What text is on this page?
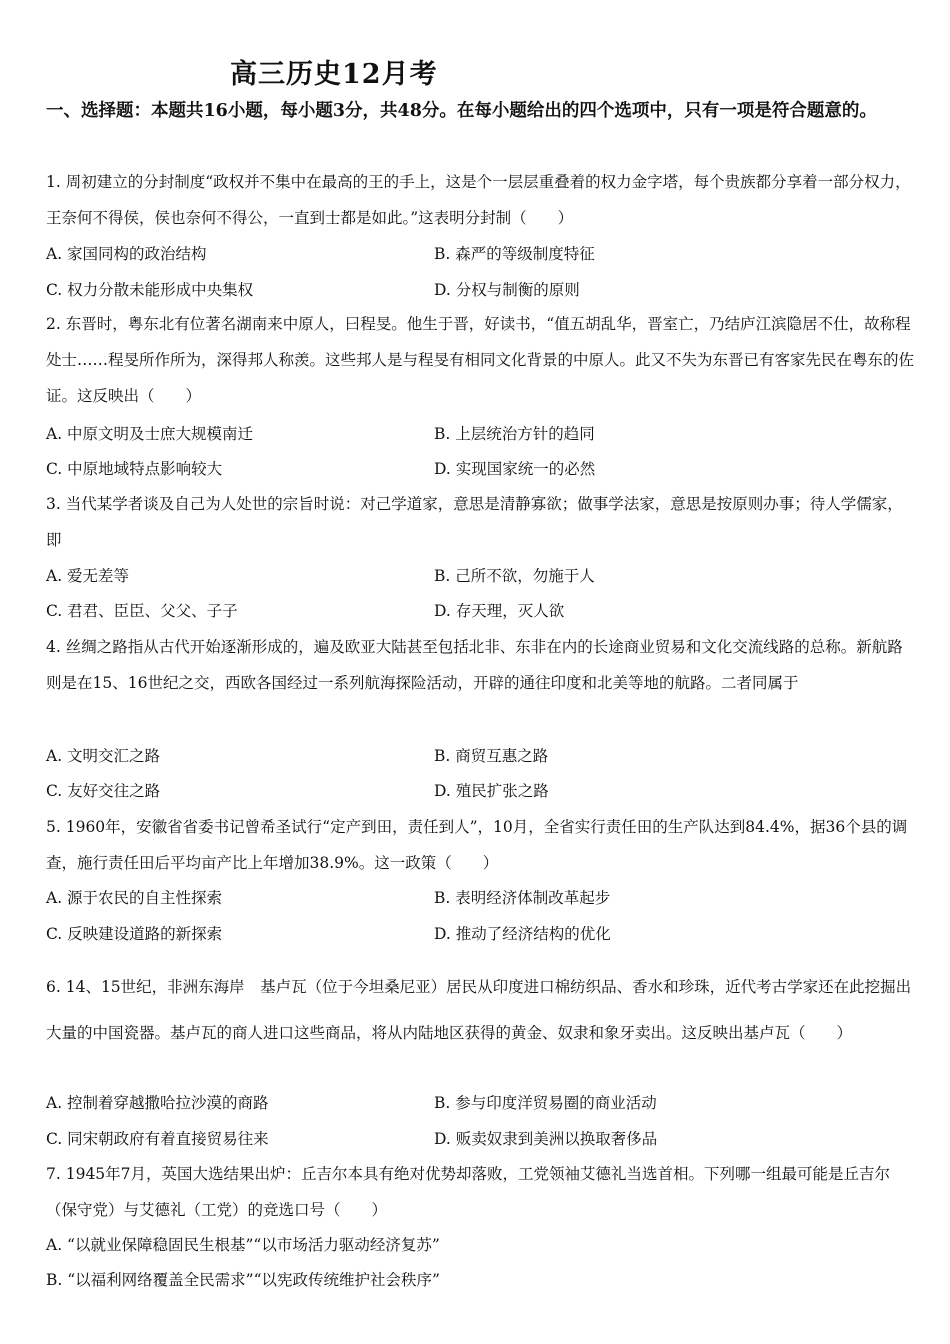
高三历史12月考
一、选择题：本题共16小题，每小题3分，共48分。在每小题给出的四个选项中，只有一项是符合题意的。
1. 周初建立的分封制度“政权并不集中在最高的王的手上，这是个一层层重叠着的权力金字塔，每个贵族都分享着一部分权力，王奈何不得侯，侯也奈何不得公，一直到士都是如此。”这表明分封制（　　）
A. 家国同构的政治结构	B. 森严的等级制度特征
C. 权力分散未能形成中央集权	D. 分权与制衡的原则
2. 东晋时，粤东北有位著名湖南来中原人，曰程旻。他生于晋，好读书，“值五胡乱华，晋室亡，乃结庐江滨隐居不仕，故称程处士……程旻所作所为，深得邦人称羡。这些邦人是与程旻有相同文化背景的中原人。此又不失为东晋已有客家先民在粤东的佐证。这反映出（　　）
A. 中原文明及士庶大规模南迁	B. 上层统治方针的趋同
C. 中原地域特点影响较大	D. 实现国家统一的必然
3. 当代某学者谈及自己为人处世的宗旨时说：对己学道家，意思是清静寡欲；做事学法家，意思是按原则办事；待人学儒家，即
A. 爱无差等	B. 己所不欲，勿施于人
C. 君君、臣臣、父父、子子	D. 存天理，灭人欲
4. 丝绸之路指从古代开始逐渐形成的，遍及欧亚大陆甚至包括北非、东非在内的长途商业贸易和文化交流线路的总称。新航路则是在15、16世纪之交，西欧各国经过一系列航海探险活动，开辟的通往印度和北美等地的航路。二者同属于
A. 文明交汇之路	B. 商贸互惠之路
C. 友好交往之路	D. 殖民扩张之路
5. 1960年，安徽省省委书记曾希圣试行“定产到田，责任到人”，10月，全省实行责任田的生产队达到84.4%，据36个县的调查，施行责任田后平均亩产比上年增加38.9%。这一政策（　　）
A. 源于农民的自主性探索	B. 表明经济体制改革起步
C. 反映建设道路的新探索	D. 推动了经济结构的优化
6. 14、15世纪，非洲东海岸　基卢瓦（位于今坦桑尼亚）居民从印度进口棉纺织品、香水和珍珠，近代考古学家还在此挖掘出大量的中国瓷器。基卢瓦的商人进口这些商品，将从内陆地区获得的黄金、奴隶和象牙卖出。这反映出基卢瓦（　　）
A. 控制着穿越撒哈拉沙漠的商路	B. 参与印度洋贸易圈的商业活动
C. 同宋朝政府有着直接贸易往来	D. 贩卖奴隶到美洲以换取奢侈品
7. 1945年7月，英国大选结果出炉：丘吉尔本具有绝对优势却落败，工党领袖艾德礼当选首相。下列哪一组最可能是丘吉尔（保守党）与艾德礼（工党）的竞选口号（　　）
A. “以就业保障稳固民生根基”“以市场活力驱动经济复苏”
B. “以福利网络覆盖全民需求”“以宪政传统维护社会秩序”
